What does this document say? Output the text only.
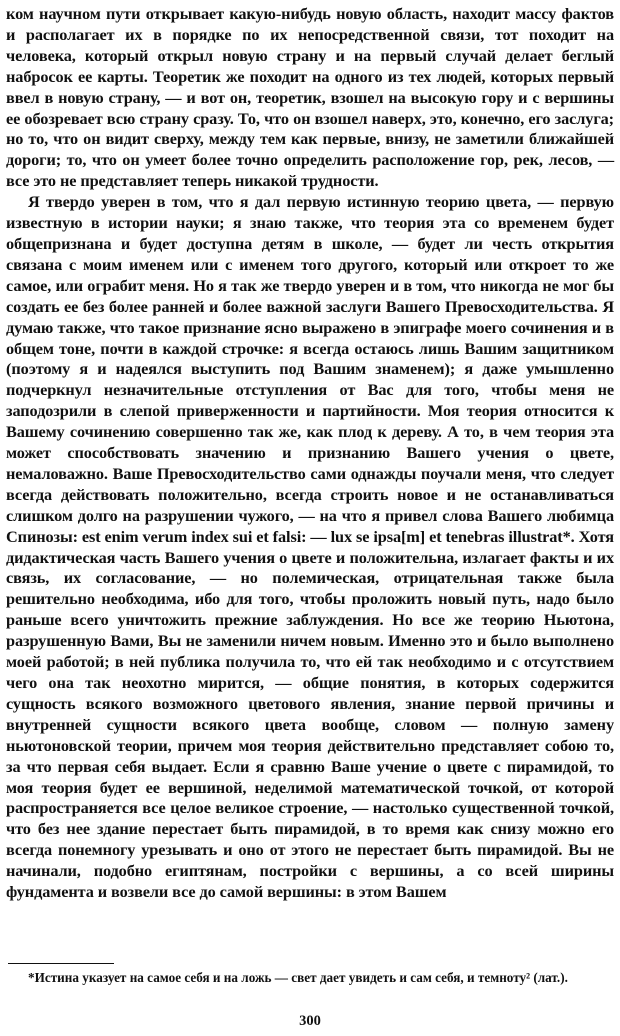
ком научном пути открывает какую-нибудь новую область, находит массу фактов и располагает их в порядке по их непосредственной связи, тот походит на человека, который открыл новую страну и на первый случай делает беглый набросок ее карты. Теоретик же походит на одного из тех людей, которых первый ввел в новую страну, — и вот он, теоретик, взошел на высокую гору и с вершины ее обозревает всю страну сразу. То, что он взошел наверх, это, конечно, его заслуга; но то, что он видит сверху, между тем как первые, внизу, не заметили ближайшей дороги; то, что он умеет более точно определить расположение гор, рек, лесов, — все это не представляет теперь никакой трудности.

Я твердо уверен в том, что я дал первую истинную теорию цвета, — первую известную в истории науки; я знаю также, что теория эта со временем будет общепризнана и будет доступна детям в школе, — будет ли честь открытия связана с моим именем или с именем того другого, который или откроет то же самое, или ограбит меня. Но я так же твердо уверен и в том, что никогда не мог бы создать ее без более ранней и более важной заслуги Вашего Превосходительства. Я думаю также, что такое признание ясно выражено в эпиграфе моего сочинения и в общем тоне, почти в каждой строчке: я всегда остаюсь лишь Вашим защитником (поэтому я и надеялся выступить под Вашим знаменем); я даже умышленно подчеркнул незначительные отступления от Вас для того, чтобы меня не заподозрили в слепой приверженности и партийности. Моя теория относится к Вашему сочинению совершенно так же, как плод к дереву. А то, в чем теория эта может способствовать значению и признанию Вашего учения о цвете, немаловажно. Ваше Превосходительство сами однажды поучали меня, что следует всегда действовать положительно, всегда строить новое и не останавливаться слишком долго на разрушении чужого, — на что я привел слова Вашего любимца Спинозы: est enim verum index sui et falsi: — lux se ipsa[m] et tenebras illustrat*. Хотя дидактическая часть Вашего учения о цвете и положительна, излагает факты и их связь, их согласование, — но полемическая, отрицательная также была решительно необходима, ибо для того, чтобы проложить новый путь, надо было раньше всего уничтожить прежние заблуждения. Но все же теорию Ньютона, разрушенную Вами, Вы не заменили ничем новым. Именно это и было выполнено моей работой; в ней публика получила то, что ей так необходимо и с отсутствием чего она так неохотно мирится, — общие понятия, в которых содержится сущность всякого возможного цветового явления, знание первой причины и внутренней сущности всякого цвета вообще, словом — полную замену ньютоновской теории, причем моя теория действительно представляет собою то, за что первая себя выдает. Если я сравню Ваше учение о цвете с пирамидой, то моя теория будет ее вершиной, неделимой математической точкой, от которой распространяется все целое великое строение, — настолько существенной точкой, что без нее здание перестает быть пирамидой, в то время как снизу можно его всегда понемногу урезывать и оно от этого не перестает быть пирамидой. Вы не начинали, подобно египтянам, постройки с вершины, а со всей ширины фундамента и возвели все до самой вершины: в этом Вашем

*Истина указует на самое себя и на ложь — свет дает увидеть и сам себя, и темноту² (лат.).
300
